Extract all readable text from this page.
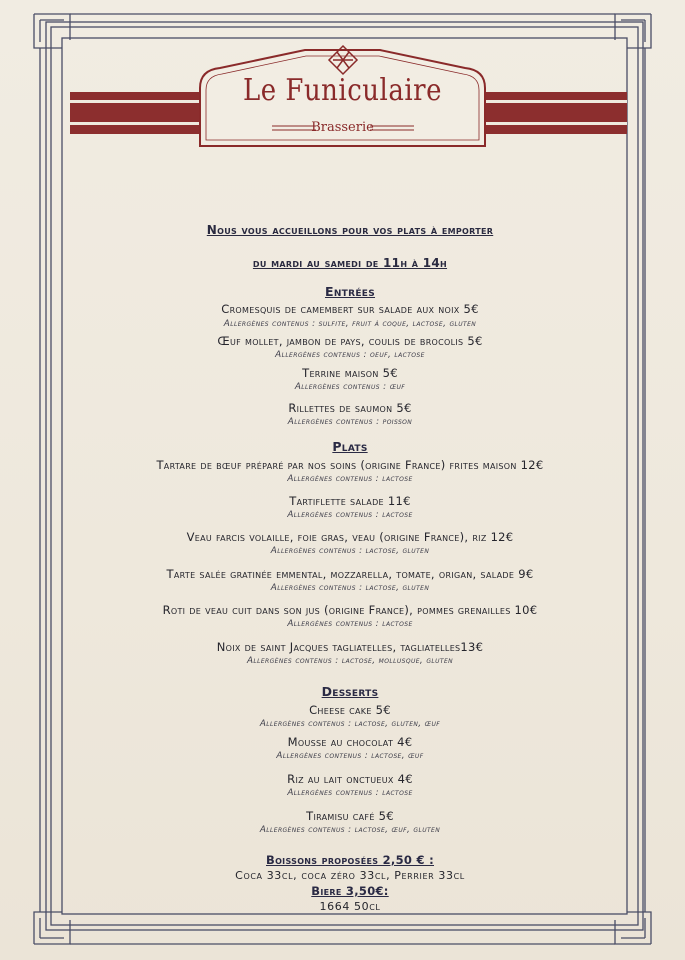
Le Funiculaire
Brasserie
Nous vous accueillons pour vos plats à emporter
du mardi au samedi de 11h à 14h
Entrées
Cromesquis de camembert sur salade aux noix 5€
Allergènes contenus : sulfite, fruit à coque, lactose, gluten
Œuf mollet, jambon de pays, coulis de brocolis 5€
Allergènes contenus : oeuf, lactose
Terrine maison 5€
Allergènes contenus : œuf
Rillettes de saumon 5€
Allergènes contenus : poisson
Plats
Tartare de bœuf préparé par nos soins (origine France) frites maison 12€
Allergènes contenus : lactose
Tartiflette salade 11€
Allergènes contenus : lactose
Veau farcis volaille, foie gras, veau (origine France), riz 12€
Allergènes contenus : lactose, gluten
Tarte salée gratinée emmental, mozzarella, tomate, origan, salade 9€
Allergènes contenus : lactose, gluten
Roti de veau cuit dans son jus (origine France), pommes grenailles 10€
Allergènes contenus : lactose
Noix de saint Jacques tagliatelles, tagliatelles13€
Allergènes contenus : lactose, mollusque, gluten
Desserts
Cheese cake 5€
Allergènes contenus : lactose, gluten, œuf
Mousse au chocolat 4€
Allergènes contenus : lactose, œuf
Riz au lait onctueux 4€
Allergènes contenus : lactose
Tiramisu café 5€
Allergènes contenus : lactose, œuf, gluten
Boissons proposées 2,50 € :
Coca 33cl, coca zéro 33cl, Perrier 33cl
Biere 3,50€:
1664 50cl
